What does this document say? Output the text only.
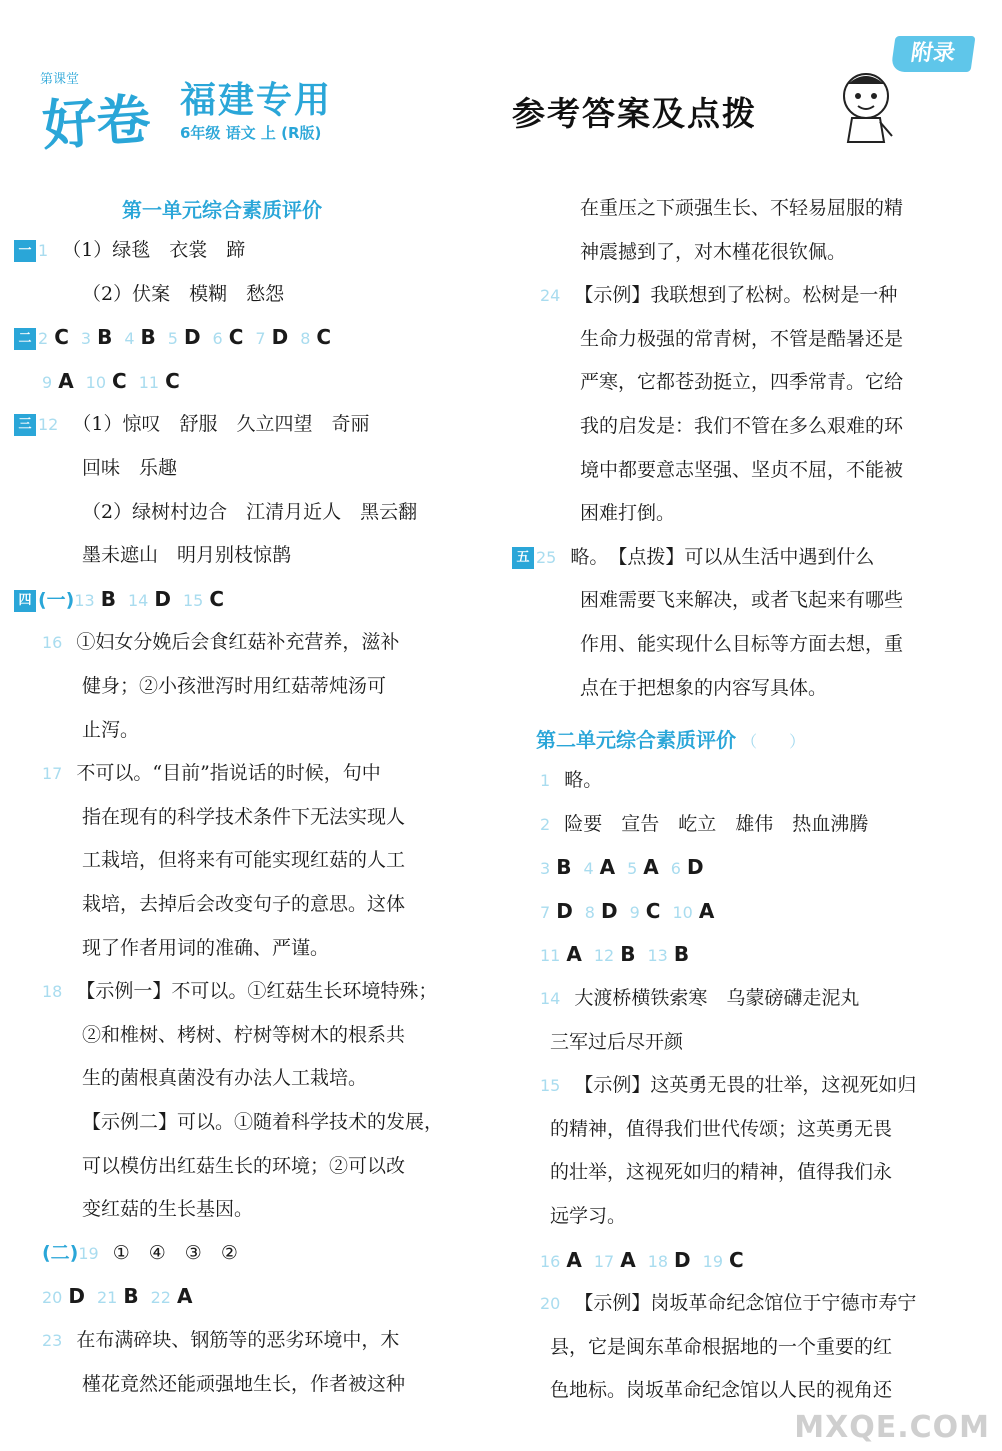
第课堂
好卷 福建专用
6年级 语文 上 (R版)	参考答案及点拨
附录
第一单元综合素质评价
一 1 （1）绿毯　衣裳　蹄
（2）伏案　模糊　愁怨
二 2 C 3 B 4 B 5 D 6 C 7 D 8 C
9 A 10 C 11 C
三 12 （1）惊叹　舒服　久立四望　奇丽
回味　乐趣
（2）绿树村边合　江清月近人　黑云翻
墨未遮山　明月别枝惊鹊
四 (一)13 B 14 D 15 C
16 ①妇女分娩后会食红菇补充营养，滋补
健身；②小孩泄泻时用红菇蒂炖汤可
止泻。
17 不可以。“目前”指说话的时候，句中
指在现有的科学技术条件下无法实现人
工栽培，但将来有可能实现红菇的人工
栽培，去掉后会改变句子的意思。这体
现了作者用词的准确、严谨。
18 【示例一】不可以。①红菇生长环境特殊；
②和椎树、栲树、柠树等树木的根系共
生的菌根真菌没有办法人工栽培。
【示例二】可以。①随着科学技术的发展，
可以模仿出红菇生长的环境；②可以改
变红菇的生长基因。
(二)19 ①　④　③　②
20 D 21 B 22 A
23 在布满碎块、钢筋等的恶劣环境中，木
槿花竟然还能顽强地生长，作者被这种
在重压之下顽强生长、不轻易屈服的精
神震撼到了，对木槿花很钦佩。
24 【示例】我联想到了松树。松树是一种
生命力极强的常青树，不管是酷暑还是
严寒，它都苍劲挺立，四季常青。它给
我的启发是：我们不管在多么艰难的环
境中都要意志坚强、坚贞不屈，不能被
困难打倒。
五 25 略。　【点拨】可以从生活中遇到什么
困难需要飞来解决，或者飞起来有哪些
作用、能实现什么目标等方面去想，重
点在于把想象的内容写具体。
第二单元综合素质评价 （　　）
1 略。
2 险要　宣告　屹立　雄伟　热血沸腾
3 B 4 A 5 A 6 D
7 D 8 D 9 C 10 A
11 A 12 B 13 B
14 大渡桥横铁索寒　乌蒙磅礴走泥丸
三军过后尽开颜
15 【示例】这英勇无畏的壮举，这视死如归
的精神，值得我们世代传颂；这英勇无畏
的壮举，这视死如归的精神，值得我们永
远学习。
16 A 17 A 18 D 19 C
20 【示例】岗坂革命纪念馆位于宁德市寿宁
县，它是闽东革命根据地的一个重要的红
色地标。岗坂革命纪念馆以人民的视角还
MXQE.COM
